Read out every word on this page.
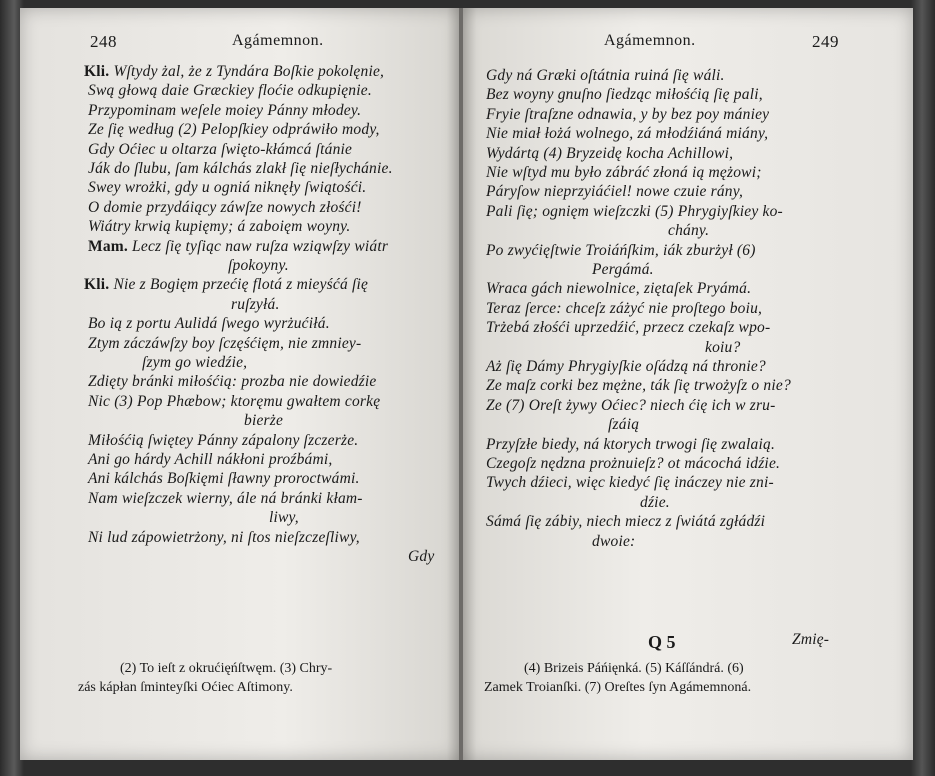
248	Agámemnon.	Agámemnon.	249
Kli. Wſtydy żal, że z Tyndára Boſkie pokolęnie,
Swą głową daie Græckiey floćie odkupięnie.
Przypominam weſele moiey Pánny młodey.
Ze ſię według (2) Pelopſkiey odpráwiło mody,
Gdy Oćiec u oltarza ſwięto-kłámcá ſtánie
Ják do ſlubu, ſam kálchás zlakł ſię nieſłychánie.
Swey wrożki, gdy u ogniá niknęły ſwiątośći.
O domie przydáiący záwſze nowych złośći!
Wiátry krwią kupięmy; á zaboięm woyny.
Mam. Lecz ſię tyſiąc naw ruſza wziąwſzy wiátr
ſpokoyny.
Kli. Nie z Bogięm przećię flotá z mieyśćá ſię
ruſzyłá.
Bo ią z portu Aulidá ſwego wyrżućiłá.
Ztym záczáwſzy boy ſczęśćięm, nie zmniey-
ſzym go wiedźie,
Zdięty bránki miłośćią: prozba nie dowiedźie
Nic (3) Pop Phæbow; ktoręmu gwałtem corkę
bierże
Miłośćią ſwiętey Pánny zápalony ſzczerże.
Ani go hárdy Achill nákłoni proźbámi,
Ani kálchás Boſkięmi ſławny proroctwámi.
Nam wieſzczek wierny, ále ná bránki kłam-
liwy,
Ni lud zápowietrżony, ni ſtos nieſzczeſliwy,
Gdy
Gdy ná Græki oſtátnia ruiná ſię wáli.
Bez woyny gnuſno ſiedząc miłośćią ſię pali,
Fryie ſtraſzne odnawia, y by bez poy mániey
Nie miał łożá wolnego, zá młodźiáná miány,
Wydártą (4) Bryzeidę kocha Achillowi,
Nie wſtyd mu było zábráć złoná ią mężowi;
Páryſow nieprzyiáćiel! nowe czuie rány,
Pali ſię; ognięm wieſzczki (5) Phrygiyſkiey ko-
chány.
Po zwyćięſtwie Troiáńſkim, iák zburżył (6)
Pergámá.
Wraca gách niewolnice, ziętaſek Pryámá.
Teraz ſerce: chceſz záżyć nie proſtego boiu,
Trżebá złośći uprzedźić, przecz czekaſz wpo-
koiu?
Aż ſię Dámy Phrygiyſkie oſádzą ná thronie?
Ze maſz corki bez mężne, ták ſię trwożyſz o nie?
Ze (7) Oreſt żywy Oćiec? niech ćię ich w zru-
ſzáią
Przyſzłe biedy, ná ktorych trwogi ſię zwalaią.
Czegoſz nędzna prożnuieſz? ot mácochá idźie.
Twych dźieci, więc kiedyć ſię ináczey nie zni-
dźie.
Sámá ſię zábiy, niech miecz z ſwiátá zgłádźi
dwoie:
(2) To ieſt z okrućięńſtwęm. (3) Chry-
zás kápłan ſminteyſki Oćiec Aſtimony.
Q 5	Zmię-
(4) Brizeis Páńięnká. (5) Káſſándrá. (6)
Zamek Troianſki. (7) Oreſtes ſyn Agámemnoná.
